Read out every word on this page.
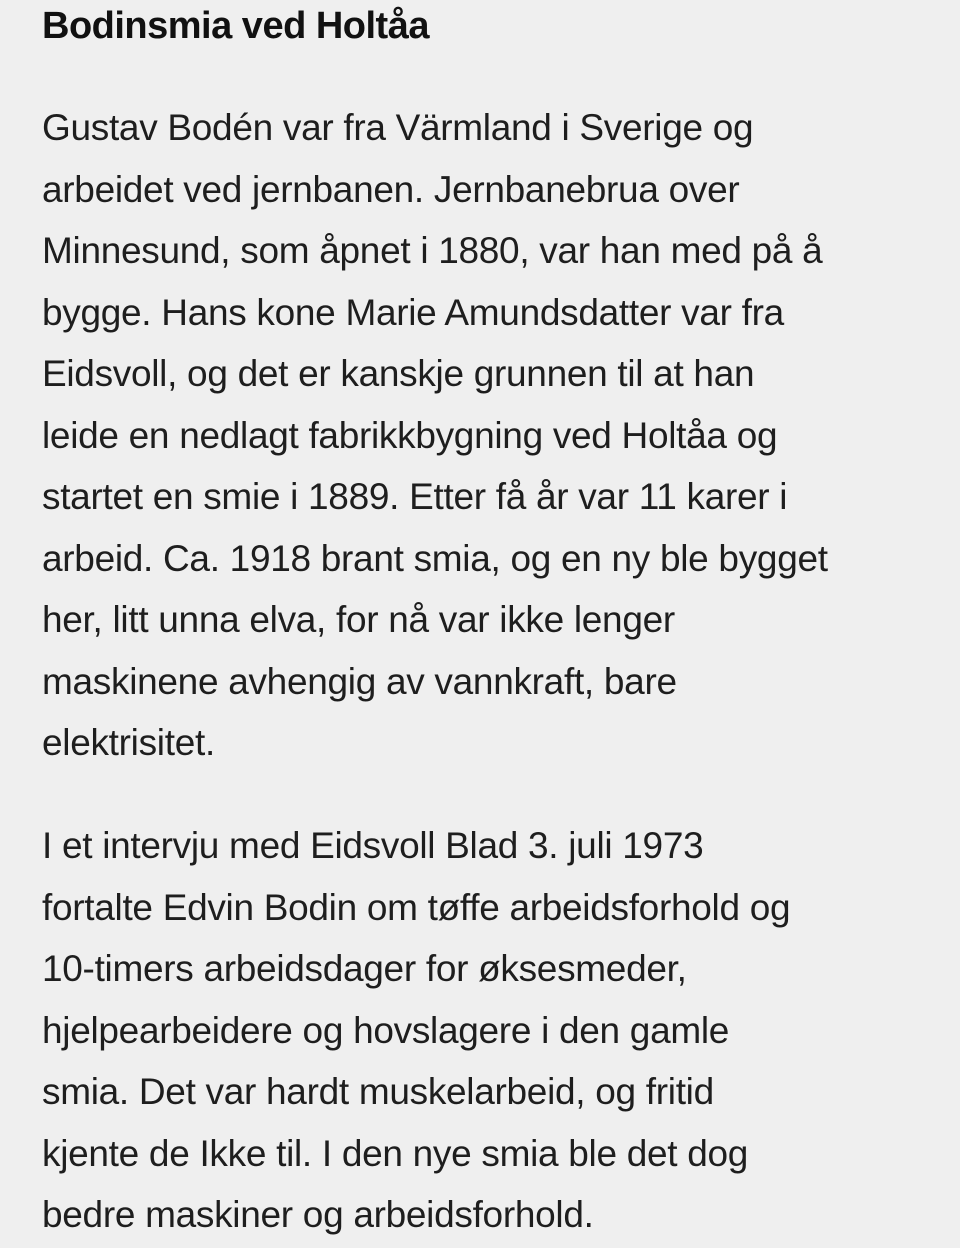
Bodinsmia ved Holtåa

Gustav Bodén var fra Värmland i Sverige og
arbeidet ved jernbanen. Jernbanebrua over
Minnesund, som åpnet i 1880, var han med på å
bygge. Hans kone Marie Amundsdatter var fra
Eidsvoll, og det er kanskje grunnen til at han
leide en nedlagt fabrikkbygning ved Holtåa og
startet en smie i 1889. Etter få år var 11 karer i
arbeid. Ca. 1918 brant smia, og en ny ble bygget
her, litt unna elva, for nå var ikke lenger
maskinene avhengig av vannkraft, bare
elektrisitet.

I et intervju med Eidsvoll Blad 3. juli 1973
fortalte Edvin Bodin om tøffe arbeidsforhold og
10-timers arbeidsdager for øksesmeder,
hjelpearbeidere og hovslagere i den gamle
smia. Det var hardt muskelarbeid, og fritid
kjente de Ikke til. I den nye smia ble det dog
bedre maskiner og arbeidsforhold.
